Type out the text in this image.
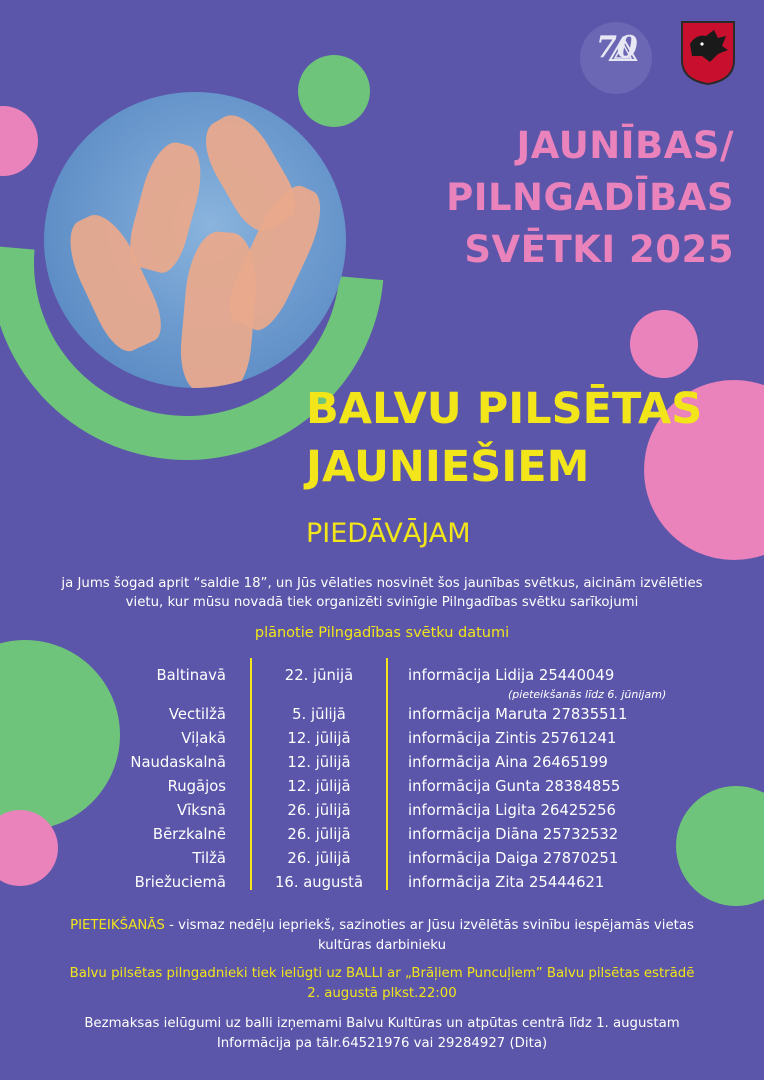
70
JAUNĪBAS/
PILNGADĪBAS
SVĒTKI 2025
BALVU PILSĒTAS
JAUNIEŠIEM
PIEDĀVĀJAM
ja Jums šogad aprit “saldie 18”, un Jūs vēlaties nosvinēt šos jaunības svētkus, aicinām izvēlēties
vietu, kur mūsu novadā tiek organizēti svinīgie Pilngadības svētku sarīkojumi
plānotie Pilngadības svētku datumi
Baltinavā	22. jūnijā	informācija Lidija 25440049
(pieteikšanās līdz 6. jūnijam)
Vectilžā	5. jūlijā	informācija Maruta 27835511
Viļakā	12. jūlijā	informācija Zintis 25761241
Naudaskalnā	12. jūlijā	informācija Aina 26465199
Rugājos	12. jūlijā	informācija Gunta 28384855
Vīksnā	26. jūlijā	informācija Ligita 26425256
Bērzkalnē	26. jūlijā	informācija Diāna 25732532
Tilžā	26. jūlijā	informācija Daiga 27870251
Briežuciemā	16. augustā	informācija Zita 25444621
PIETEIKŠANĀS - vismaz nedēļu iepriekš, sazinoties ar Jūsu izvēlētās svinību iespējamās vietas
kultūras darbinieku
Balvu pilsētas pilngadnieki tiek ielūgti uz BALLI ar „Brāļiem Puncuļiem” Balvu pilsētas estrādē
2. augustā plkst.22:00
Bezmaksas ielūgumi uz balli izņemami Balvu Kultūras un atpūtas centrā līdz 1. augustam
Informācija pa tālr.64521976 vai 29284927 (Dita)
